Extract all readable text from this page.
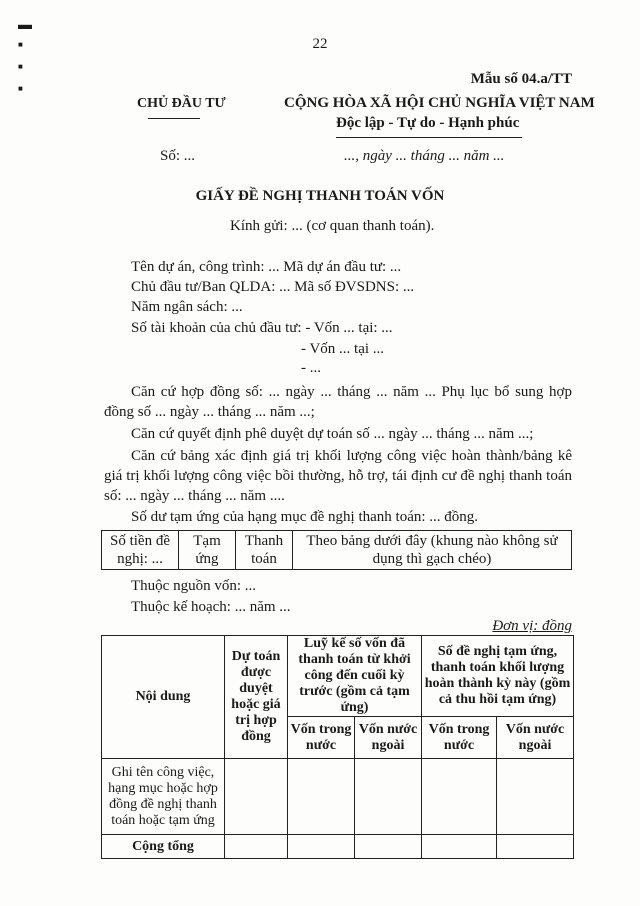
▬
■
■
■
22
Mẫu số 04.a/TT
CHỦ ĐẦU TƯ	CỘNG HÒA XÃ HỘI CHỦ NGHĨA VIỆT NAM
Độc lập - Tự do - Hạnh phúc
Số: ...	..., ngày ... tháng ... năm ...
GIẤY ĐỀ NGHỊ THANH TOÁN VỐN
Kính gửi: ... (cơ quan thanh toán).
Tên dự án, công trình: ... Mã dự án đầu tư: ...
Chủ đầu tư/Ban QLDA: ... Mã số ĐVSDNS: ...
Năm ngân sách: ...
Số tài khoản của chủ đầu tư: - Vốn ... tại: ...
- Vốn ... tại ...
- ...
Căn cứ hợp đồng số: ... ngày ... tháng ... năm ... Phụ lục bổ sung hợp đồng số ... ngày ... tháng ... năm ...;
Căn cứ quyết định phê duyệt dự toán số ... ngày ... tháng ... năm ...;
Căn cứ bảng xác định giá trị khối lượng công việc hoàn thành/bảng kê giá trị khối lượng công việc bồi thường, hỗ trợ, tái định cư đề nghị thanh toán số: ... ngày ... tháng ... năm ....
Số dư tạm ứng của hạng mục đề nghị thanh toán: ... đồng.
Số tiền đề nghị: ...	Tạm ứng	Thanh toán	Theo bảng dưới đây (khung nào không sử dụng thì gạch chéo)
Thuộc nguồn vốn: ...
Thuộc kế hoạch: ... năm ...
Đơn vị: đồng
Nội dung	Dự toán được duyệt hoặc giá trị hợp đồng	Luỹ kế số vốn đã thanh toán từ khởi công đến cuối kỳ trước (gồm cả tạm ứng)		Số đề nghị tạm ứng, thanh toán khối lượng hoàn thành kỳ này (gồm cả thu hồi tạm ứng)	
		Vốn trong nước	Vốn nước ngoài	Vốn trong nước	Vốn nước ngoài
Ghi tên công việc, hạng mục hoặc hợp đồng đề nghị thanh toán hoặc tạm ứng					
Cộng tổng					
